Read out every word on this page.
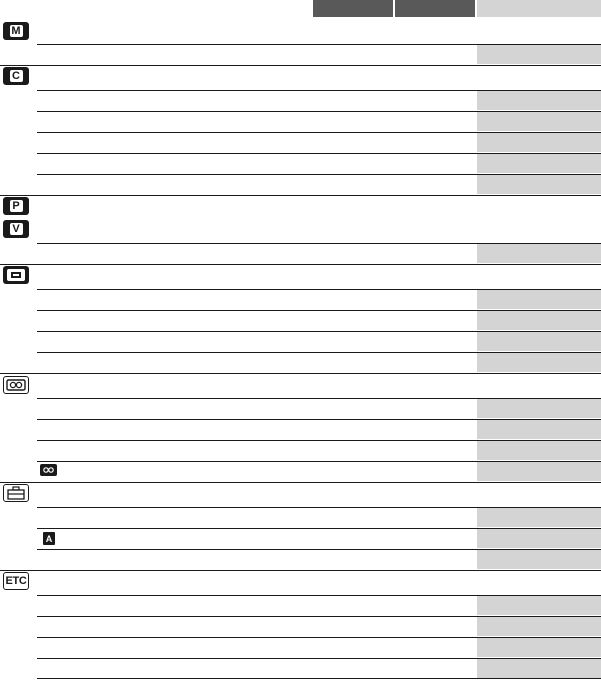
M
C
P
V
ETC
A
